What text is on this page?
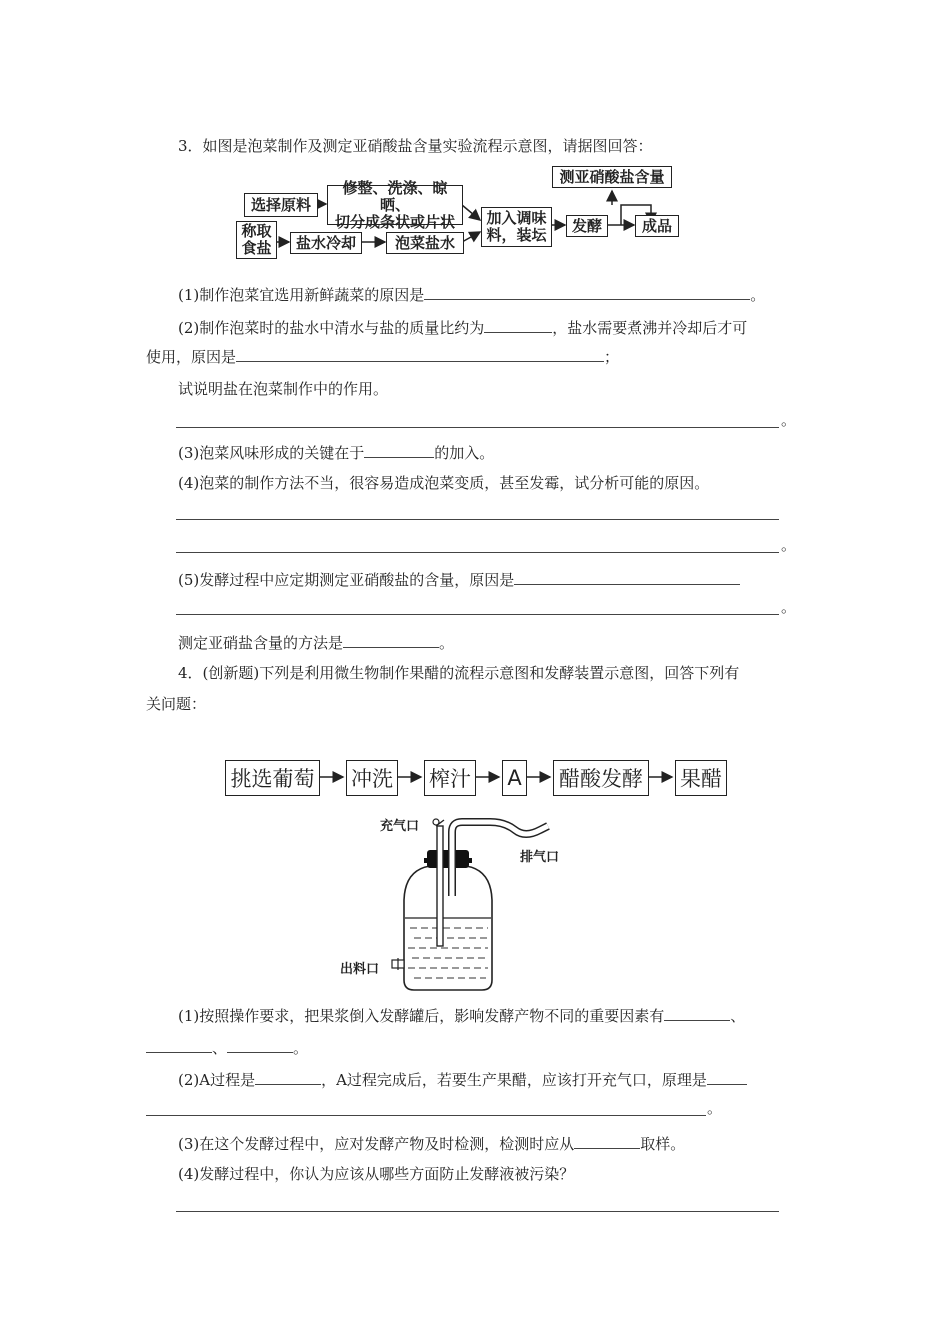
3．如图是泡菜制作及测定亚硝酸盐含量实验流程示意图，请据图回答：
选择原料
修整、洗涤、晾晒、
切分成条状或片状
称取
食盐 盐水冷却	泡菜盐水
加入调味
料，装坛
发酵
测亚硝酸盐含量
成品
(1)制作泡菜宜选用新鲜蔬菜的原因是	。
(2)制作泡菜时的盐水中清水与盐的质量比约为	，盐水需要煮沸并冷却后才可
使用，原因是	；
试说明盐在泡菜制作中的作用。
。
(3)泡菜风味形成的关键在于	的加入。
(4)泡菜的制作方法不当，很容易造成泡菜变质，甚至发霉，试分析可能的原因。
。
(5)发酵过程中应定期测定亚硝酸盐的含量，原因是
。
测定亚硝盐含量的方法是	。
4．(创新题)下列是利用微生物制作果醋的流程示意图和发酵装置示意图，回答下列有
关问题：
挑选葡萄 冲洗 榨汁 A 醋酸发酵 果醋
充气口
排气口
出料口
(1)按照操作要求，把果浆倒入发酵罐后，影响发酵产物不同的重要因素有	、
、	。
(2)A过程是	，A过程完成后，若要生产果醋，应该打开充气口，原理是
。
(3)在这个发酵过程中，应对发酵产物及时检测，检测时应从	取样。
(4)发酵过程中，你认为应该从哪些方面防止发酵液被污染？
